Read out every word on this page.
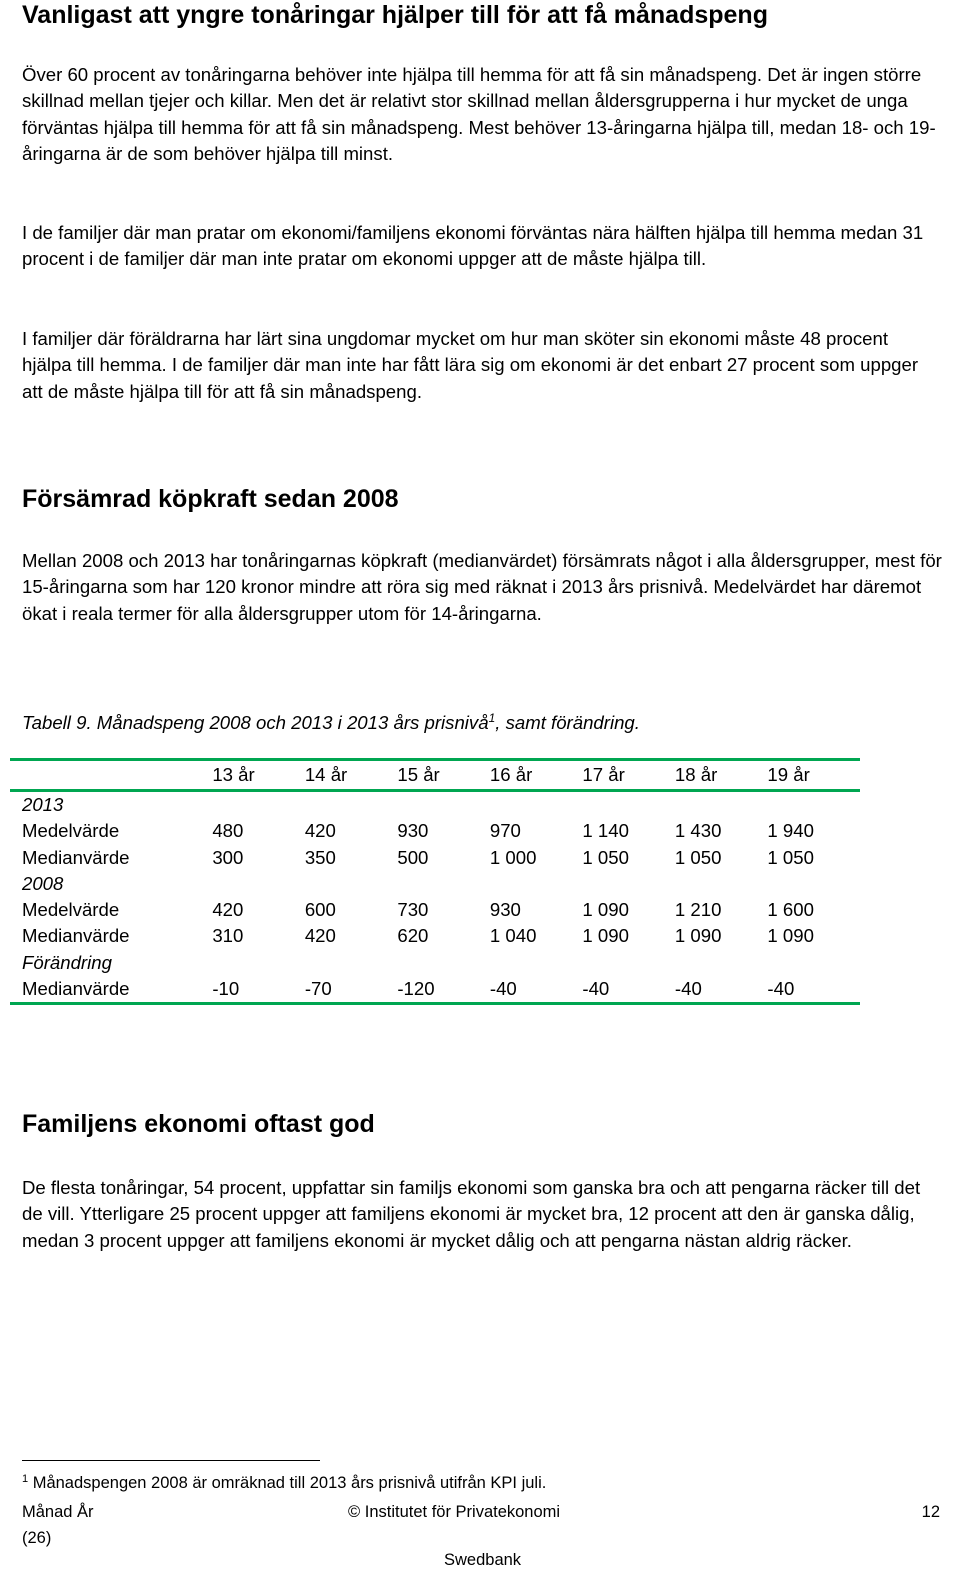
Vanligast att yngre tonåringar hjälper till för att få månadspeng

Över 60 procent av tonåringarna behöver inte hjälpa till hemma för att få sin månadspeng. Det är ingen större skillnad mellan tjejer och killar. Men det är relativt stor skillnad mellan åldersgrupperna i hur mycket de unga förväntas hjälpa till hemma för att få sin månadspeng. Mest behöver 13-åringarna hjälpa till, medan 18- och 19-åringarna är de som behöver hjälpa till minst.

I de familjer där man pratar om ekonomi/familjens ekonomi förväntas nära hälften hjälpa till hemma medan 31 procent i de familjer där man inte pratar om ekonomi uppger att de måste hjälpa till.

I familjer där föräldrarna har lärt sina ungdomar mycket om hur man sköter sin ekonomi måste 48 procent hjälpa till hemma. I de familjer där man inte har fått lära sig om ekonomi är det enbart 27 procent som uppger att de måste hjälpa till för att få sin månadspeng.

Försämrad köpkraft sedan 2008

Mellan 2008 och 2013 har tonåringarnas köpkraft (medianvärdet) försämrats något i alla åldersgrupper, mest för 15-åringarna som har 120 kronor mindre att röra sig med räknat i 2013 års prisnivå. Medelvärdet har däremot ökat i reala termer för alla åldersgrupper utom för 14-åringarna.

Tabell 9. Månadspeng 2008 och 2013 i 2013 års prisnivå$^1$, samt förändring.
	13 år	14 år	15 år	16 år	17 år	18 år	19 år
2013							
Medelvärde	480	420	930	970	1 140	1 430	1 940
Medianvärde	300	350	500	1 000	1 050	1 050	1 050
2008							
Medelvärde	420	600	730	930	1 090	1 210	1 600
Medianvärde	310	420	620	1 040	1 090	1 090	1 090
Förändring							
Medianvärde	-10	-70	-120	-40	-40	-40	-40
Familjens ekonomi oftast god

De flesta tonåringar, 54 procent, uppfattar sin familjs ekonomi som ganska bra och att pengarna räcker till det de vill. Ytterligare 25 procent uppger att familjens ekonomi är mycket bra, 12 procent att den är ganska dålig, medan 3 procent uppger att familjens ekonomi är mycket dålig och att pengarna nästan aldrig räcker.

$^1$ Månadspengen 2008 är omräknad till 2013 års prisnivå utifrån KPI juli.
Månad År
(26)
© Institutet för Privatekonomi	12
Swedbank
